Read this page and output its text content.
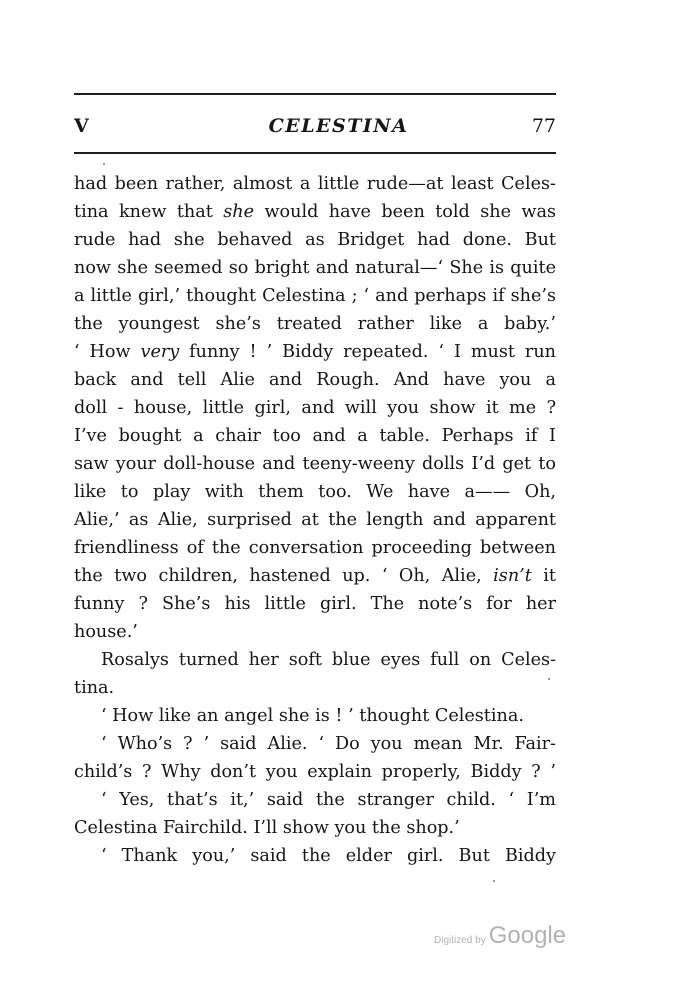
CELESTINA
V	77
had been rather, almost a little rude—at least Celes-
tina knew that she would have been told she was
rude had she behaved as Bridget had done. But
now she seemed so bright and natural—‘ She is quite
a little girl,’ thought Celestina ; ‘ and perhaps if she’s
the youngest she’s treated rather like a baby.’
‘ How very funny ! ’ Biddy repeated. ‘ I must run
back and tell Alie and Rough. And have you a
doll - house, little girl, and will you show it me ?
I’ve bought a chair too and a table. Perhaps if I
saw your doll-house and teeny-weeny dolls I’d get to
like to play with them too. We have a—— Oh,
Alie,’ as Alie, surprised at the length and apparent
friendliness of the conversation proceeding between
the two children, hastened up. ‘ Oh, Alie, isn’t it
funny ? She’s his little girl. The note’s for her
house.’
Rosalys turned her soft blue eyes full on Celes-
tina.
‘ How like an angel she is ! ’ thought Celestina.
‘ Who’s ? ’ said Alie. ‘ Do you mean Mr. Fair-
child’s ? Why don’t you explain properly, Biddy ? ’
‘ Yes, that’s it,’ said the stranger child. ‘ I’m
Celestina Fairchild. I’ll show you the shop.’
‘ Thank you,’ said the elder girl. But Biddy
Digitized by Google
